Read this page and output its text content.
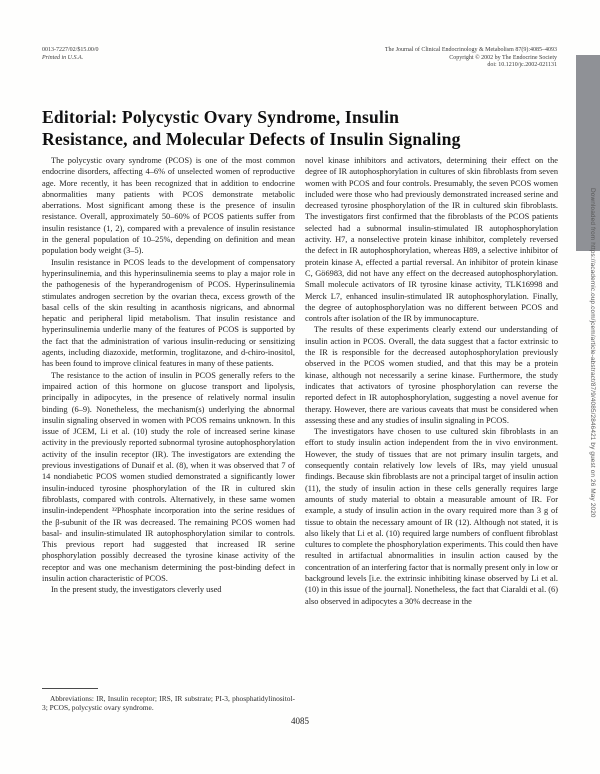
0013-7227/02/$15.00/0
Printed in U.S.A.
The Journal of Clinical Endocrinology & Metabolism 87(9):4085–4093
Copyright © 2002 by The Endocrine Society
doi: 10.1210/jc.2002-021131
Editorial: Polycystic Ovary Syndrome, Insulin
Resistance, and Molecular Defects of Insulin Signaling

The polycystic ovary syndrome (PCOS) is one of the most common endocrine disorders, affecting 4–6% of unselected women of reproductive age. More recently, it has been recognized that in addition to endocrine abnormalities many patients with PCOS demonstrate metabolic aberrations. Most significant among these is the presence of insulin resistance. Overall, approximately 50–60% of PCOS patients suffer from insulin resistance (1, 2), compared with a prevalence of insulin resistance in the general population of 10–25%, depending on definition and mean population body weight (3–5).

Insulin resistance in PCOS leads to the development of compensatory hyperinsulinemia, and this hyperinsulinemia seems to play a major role in the pathogenesis of the hyperandrogenism of PCOS. Hyperinsulinemia stimulates androgen secretion by the ovarian theca, excess growth of the basal cells of the skin resulting in acanthosis nigricans, and abnormal hepatic and peripheral lipid metabolism. That insulin resistance and hyperinsulinemia underlie many of the features of PCOS is supported by the fact that the administration of various insulin-reducing or sensitizing agents, including diazoxide, metformin, troglitazone, and d-chiro-inositol, has been found to improve clinical features in many of these patients.

The resistance to the action of insulin in PCOS generally refers to the impaired action of this hormone on glucose transport and lipolysis, principally in adipocytes, in the presence of relatively normal insulin binding (6–9). Nonetheless, the mechanism(s) underlying the abnormal insulin signaling observed in women with PCOS remains unknown. In this issue of JCEM, Li et al. (10) study the role of increased serine kinase activity in the previously reported subnormal tyrosine autophosphorylation activity of the insulin receptor (IR). The investigators are extending the previous investigations of Dunaif et al. (8), when it was observed that 7 of 14 nondiabetic PCOS women studied demonstrated a significantly lower insulin-induced tyrosine phosphorylation of the IR in cultured skin fibroblasts, compared with controls. Alternatively, in these same women insulin-independent ³²Phosphate incorporation into the serine residues of the β-subunit of the IR was decreased. The remaining PCOS women had basal- and insulin-stimulated IR autophosphorylation similar to controls. This previous report had suggested that increased IR serine phosphorylation possibly decreased the tyrosine kinase activity of the receptor and was one mechanism determining the post-binding defect in insulin action characteristic of PCOS.

In the present study, the investigators cleverly used

novel kinase inhibitors and activators, determining their effect on the degree of IR autophosphorylation in cultures of skin fibroblasts from seven women with PCOS and four controls. Presumably, the seven PCOS women included were those who had previously demonstrated increased serine and decreased tyrosine phosphorylation of the IR in cultured skin fibroblasts. The investigators first confirmed that the fibroblasts of the PCOS patients selected had a subnormal insulin-stimulated IR autophosphorylation activity. H7, a nonselective protein kinase inhibitor, completely reversed the defect in IR autophosphorylation, whereas H89, a selective inhibitor of protein kinase A, effected a partial reversal. An inhibitor of protein kinase C, Gö6983, did not have any effect on the decreased autophosphorylation. Small molecule activators of IR tyrosine kinase activity, TLK16998 and Merck L7, enhanced insulin-stimulated IR autophosphorylation. Finally, the degree of autophosphorylation was no different between PCOS and controls after isolation of the IR by immunocapture.

The results of these experiments clearly extend our understanding of insulin action in PCOS. Overall, the data suggest that a factor extrinsic to the IR is responsible for the decreased autophosphorylation previously observed in the PCOS women studied, and that this may be a protein kinase, although not necessarily a serine kinase. Furthermore, the study indicates that activators of tyrosine phosphorylation can reverse the reported defect in IR autophosphorylation, suggesting a novel avenue for therapy. However, there are various caveats that must be considered when assessing these and any studies of insulin signaling in PCOS.

The investigators have chosen to use cultured skin fibroblasts in an effort to study insulin action independent from the in vivo environment. However, the study of tissues that are not primary insulin targets, and consequently contain relatively low levels of IRs, may yield unusual findings. Because skin fibroblasts are not a principal target of insulin action (11), the study of insulin action in these cells generally requires large amounts of study material to obtain a measurable amount of IR. For example, a study of insulin action in the ovary required more than 3 g of tissue to obtain the necessary amount of IR (12). Although not stated, it is also likely that Li et al. (10) required large numbers of confluent fibroblast cultures to complete the phosphorylation experiments. This could then have resulted in artifactual abnormalities in insulin action caused by the concentration of an interfering factor that is normally present only in low or background levels [i.e. the extrinsic inhibiting kinase observed by Li et al. (10) in this issue of the journal]. Nonetheless, the fact that Ciaraldi et al. (6) also observed in adipocytes a 30% decrease in the

Abbreviations: IR, Insulin receptor; IRS, IR substrate; PI-3, phosphatidylinositol-3; PCOS, polycystic ovary syndrome.

4085
Downloaded from https://academic.oup.com/jcem/article-abstract/87/9/4085/2846421 by guest on 26 May 2020
